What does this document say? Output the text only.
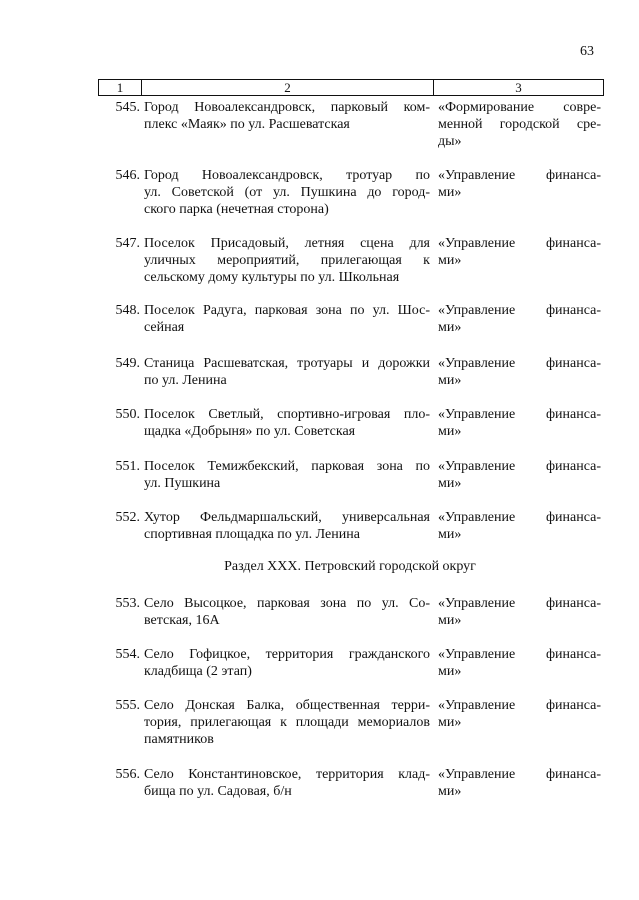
63
1	2	3
545. Город Новоалександровск, парковый ком-
плекс «Маяк» по ул. Расшеватская
«Формирование совре-
менной городской сре-
ды»
546. Город Новоалександровск, тротуар по
ул. Советской (от ул. Пушкина до город-
ского парка (нечетная сторона)
«Управление финанса-
ми»
547. Поселок Присадовый, летняя сцена для
уличных мероприятий, прилегающая к
сельскому дому культуры по ул. Школьная
«Управление финанса-
ми»
548. Поселок Радуга, парковая зона по ул. Шос-
сейная
«Управление финанса-
ми»
549. Станица Расшеватская, тротуары и дорожки
по ул. Ленина
«Управление финанса-
ми»
550. Поселок Светлый, спортивно-игровая пло-
щадка «Добрыня» по ул. Советская
«Управление финанса-
ми»
551. Поселок Темижбекский, парковая зона по
ул. Пушкина
«Управление финанса-
ми»
552. Хутор Фельдмаршальский, универсальная
спортивная площадка по ул. Ленина
«Управление финанса-
ми»
Раздел XXX. Петровский городской округ
553. Село Высоцкое, парковая зона по ул. Со-
ветская, 16А
«Управление финанса-
ми»
554. Село Гофицкое, территория гражданского
кладбища (2 этап)
«Управление финанса-
ми»
555. Село Донская Балка, общественная терри-
тория, прилегающая к площади мемориалов
памятников
«Управление финанса-
ми»
556. Село Константиновское, территория клад-
бища по ул. Садовая, б/н
«Управление финанса-
ми»
